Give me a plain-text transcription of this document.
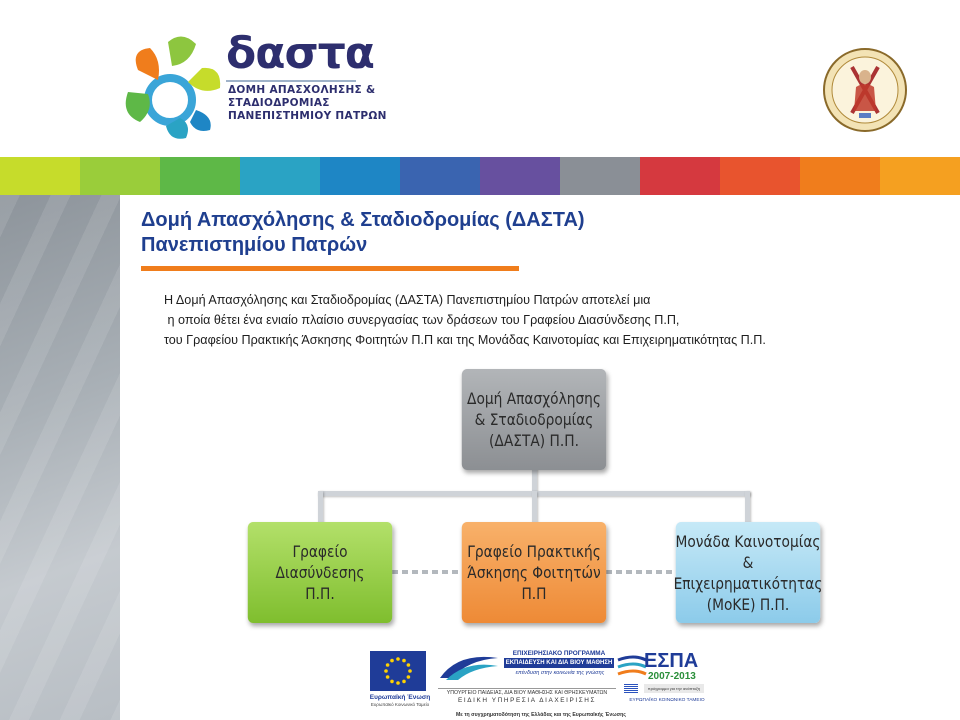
δαστα
ΔΟΜΗ ΑΠΑΣΧΟΛΗΣΗΣ &
ΣΤΑΔΙΟΔΡΟΜΙΑΣ
ΠΑΝΕΠΙΣΤΗΜΙΟΥ ΠΑΤΡΩΝ
Δομή Απασχόλησης & Σταδιοδρομίας (ΔΑΣΤΑ)
Πανεπιστημίου Πατρών
Η Δομή Απασχόλησης και Σταδιοδρομίας (ΔΑΣΤΑ) Πανεπιστημίου Πατρών αποτελεί μια
η οποία θέτει ένα ενιαίο πλαίσιο συνεργασίας των δράσεων του Γραφείου Διασύνδεσης Π.Π,
του Γραφείου Πρακτικής Άσκησης Φοιτητών Π.Π και της Μονάδας Καινοτομίας και Επιχειρηματικότητας Π.Π.
Δομή Απασχόλησης
& Σταδιοδρομίας
(ΔΑΣΤΑ) Π.Π.
Γραφείο Διασύνδεσης
Π.Π.
Γραφείο Πρακτικής
Άσκησης Φοιτητών
Π.Π
Μονάδα Καινοτομίας
& Επιχειρηματικότητας
(ΜοΚΕ) Π.Π.
Ευρωπαϊκή Ένωση
Ευρωπαϊκό Κοινωνικό Ταμείο
ΕΠΙΧΕΙΡΗΣΙΑΚΟ ΠΡΟΓΡΑΜΜΑ
ΕΚΠΑΙΔΕΥΣΗ ΚΑΙ ΔΙΑ ΒΙΟΥ ΜΑΘΗΣΗ
επένδυση στην κοινωνία της γνώσης
ΥΠΟΥΡΓΕΙΟ ΠΑΙΔΕΙΑΣ, ΔΙΑ ΒΙΟΥ ΜΑΘΗΣΗΣ ΚΑΙ ΘΡΗΣΚΕΥΜΑΤΩΝ
ΕΙΔΙΚΗ ΥΠΗΡΕΣΙΑ ΔΙΑΧΕΙΡΙΣΗΣ
ΕΣΠΑ
2007-2013
πρόγραμμα για την ανάπτυξη
ΕΥΡΩΠΑΪΚΟ ΚΟΙΝΩΝΙΚΟ ΤΑΜΕΙΟ
Με τη συγχρηματοδότηση της Ελλάδας και της Ευρωπαϊκής Ένωσης
